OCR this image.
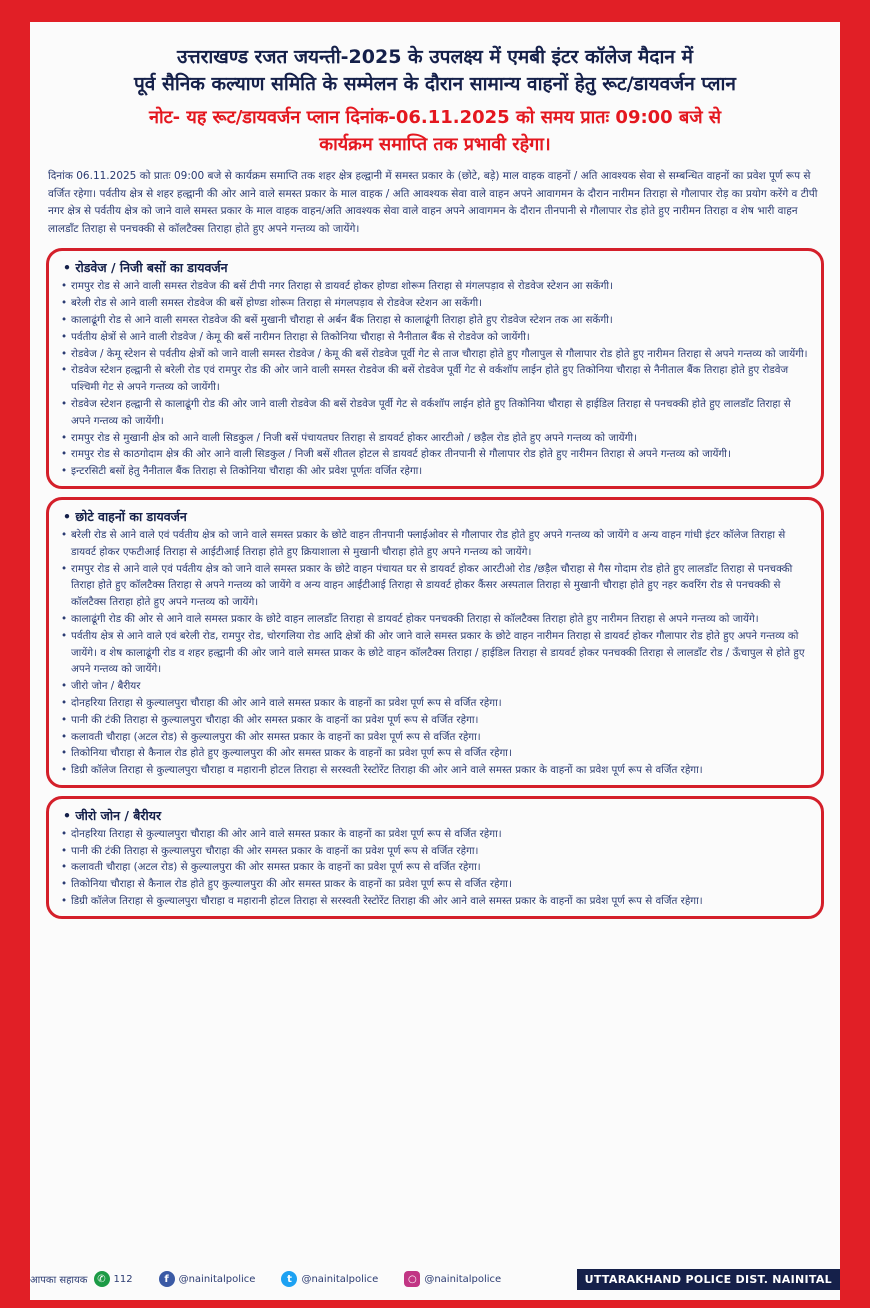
उत्तराखण्ड रजत जयन्ती-2025 के उपलक्ष्य में एमबी इंटर कॉलेज मैदान में
पूर्व सैनिक कल्याण समिति के सम्मेलन के दौरान सामान्य वाहनों हेतु रूट/डायवर्जन प्लान
नोट- यह रूट/डायवर्जन प्लान दिनांक-06.11.2025 को समय प्रातः 09:00 बजे से
कार्यक्रम समाप्ति तक प्रभावी रहेगा।
दिनांक 06.11.2025 को प्रातः 09:00 बजे से कार्यक्रम समाप्ति तक शहर क्षेत्र हल्द्वानी में समस्त प्रकार के (छोटे, बड़े) माल वाहक वाहनों / अति आवश्यक सेवा से सम्बन्धित वाहनों का प्रवेश पूर्ण रूप से वर्जित रहेगा। पर्वतीय क्षेत्र से शहर हल्द्वानी की ओर आने वाले समस्त प्रकार के माल वाहक / अति आवश्यक सेवा वाले वाहन अपने आवागमन के दौरान नारीमन तिराहा से गौलापार रोड़ का प्रयोग करेंगे व टीपी नगर क्षेत्र से पर्वतीय क्षेत्र को जाने वाले समस्त प्रकार के माल वाहक वाहन/अति आवश्यक सेवा वाले वाहन अपने आवागमन के दौरान तीनपानी से गौलापार रोड होते हुए नारीमन तिराहा व शेष भारी वाहन लालडाँट तिराहा से पनचक्की से कॉलटैक्स तिराहा होते हुए अपने गन्तव्य को जायेंगे।
• रोडवेज / निजी बसों का डायवर्जन
• रामपुर रोड से आने वाली समस्त रोडवेज की बसें टीपी नगर तिराहा से डायवर्ट होकर होण्डा शोरूम तिराहा से मंगलपड़ाव से रोडवेज स्टेशन आ सकेंगी।
• बरेली रोड से आने वाली समस्त रोडवेज की बसें होण्डा शोरूम तिराहा से मंगलपड़ाव से रोडवेज स्टेशन आ सकेंगी।
• कालाढूंगी रोड से आने वाली समस्त रोडवेज की बसें मुखानी चौराहा से अर्बन बैंक तिराहा से कालाढूंगी तिराहा होते हुए रोडवेज स्टेशन तक आ सकेंगी।
• पर्वतीय क्षेत्रों से आने वाली रोडवेज / केमू की बसें नारीमन तिराहा से तिकोनिया चौराहा से नैनीताल बैंक से रोडवेज को जायेंगी।
• रोडवेज / केमू स्टेशन से पर्वतीय क्षेत्रों को जाने वाली समस्त रोडवेज / केमू की बसें रोडवेज पूर्वी गेट से ताज चौराहा होते हुए गौलापुल से गौलापार रोड होते हुए नारीमन तिराहा से अपने गन्तव्य को जायेंगी।
• रोडवेज स्टेशन हल्द्वानी से बरेली रोड एवं रामपुर रोड की ओर जाने वाली समस्त रोडवेज की बसें रोडवेज पूर्वी गेट से वर्कशॉप लाईन होते हुए तिकोनिया चौराहा से नैनीताल बैंक तिराहा होते हुए रोडवेज पश्चिमी गेट से अपने गन्तव्य को जायेंगी।
• रोडवेज स्टेशन हल्द्वानी से कालाढूंगी रोड की ओर जाने वाली रोडवेज की बसें रोडवेज पूर्वी गेट से वर्कशॉप लाईन होते हुए तिकोनिया चौराहा से हाईडिल तिराहा से पनचक्की होते हुए लालडाँट तिराहा से अपने गन्तव्य को जायेंगी।
• रामपुर रोड से मुखानी क्षेत्र को आने वाली सिडकुल / निजी बसें पंचायतघर तिराहा से डायवर्ट होकर आरटीओ / छड़ैल रोड होते हुए अपने गन्तव्य को जायेंगी।
• रामपुर रोड से काठगोदाम क्षेत्र की ओर आने वाली सिडकुल / निजी बसें शीतल होटल से डायवर्ट होकर तीनपानी से गौलापार रोड होते हुए नारीमन तिराहा से अपने गन्तव्य को जायेंगी।
• इन्टरसिटी बसों हेतु नैनीताल बैंक तिराहा से तिकोनिया चौराहा की ओर प्रवेश पूर्णतः वर्जित रहेगा।
• छोटे वाहनों का डायवर्जन
• बरेली रोड से आने वाले एवं पर्वतीय क्षेत्र को जाने वाले समस्त प्रकार के छोटे वाहन तीनपानी फ्लाईओवर से गौलापार रोड होते हुए अपने गन्तव्य को जायेंगे व अन्य वाहन गांधी इंटर कॉलेज तिराहा से डायवर्ट होकर एफटीआई तिराहा से आईटीआई तिराहा होते हुए क्रियाशाला से मुखानी चौराहा होते हुए अपने गन्तव्य को जायेंगे।
• रामपुर रोड से आने वाले एवं पर्वतीय क्षेत्र को जाने वाले समस्त प्रकार के छोटे वाहन पंचायत घर से डायवर्ट होकर आरटीओ रोड /छड़ैल चौराहा से गैस गोदाम रोड होते हुए लालडाँट तिराहा से पनचक्की तिराहा होते हुए कॉलटैक्स तिराहा से अपने गन्तव्य को जायेंगे व अन्य वाहन आईटीआई तिराहा से डायवर्ट होकर कैंसर अस्पताल तिराहा से मुखानी चौराहा होते हुए नहर कवरिंग रोड से पनचक्की से कॉलटैक्स तिराहा होते हुए अपने गन्तव्य को जायेंगे।
• कालाढूंगी रोड की ओर से आने वाले समस्त प्रकार के छोटे वाहन लालडाँट तिराहा से डायवर्ट होकर पनचक्की तिराहा से कॉलटैक्स तिराहा होते हुए नारीमन तिराहा से अपने गन्तव्य को जायेंगे।
• पर्वतीय क्षेत्र से आने वाले एवं बरेली रोड, रामपुर रोड, चोरगलिया रोड आदि क्षेत्रों की ओर जाने वाले समस्त प्रकार के छोटे वाहन नारीमन तिराहा से डायवर्ट होकर गौलापार रोड होते हुए अपने गन्तव्य को जायेंगे। व शेष कालाढूंगी रोड व शहर हल्द्वानी की ओर जाने वाले समस्त प्राकर के छोटे वाहन कॉलटैक्स तिराहा / हाईडिल तिराहा से डायवर्ट होकर पनचक्की तिराहा से लालडाँट रोड / ऊँचापुल से होते हुए अपने गन्तव्य को जायेंगे।
• जीरो जोन / बैरीयर
• दोनहरिया तिराहा से कुल्यालपुरा चौराहा की ओर आने वाले समस्त प्रकार के वाहनों का प्रवेश पूर्ण रूप से वर्जित रहेगा।
• पानी की टंकी तिराहा से कुल्यालपुरा चौराहा की ओर समस्त प्रकार के वाहनों का प्रवेश पूर्ण रूप से वर्जित रहेगा।
• कलावती चौराहा (अटल रोड) से कुल्यालपुरा की ओर समस्त प्रकार के वाहनों का प्रवेश पूर्ण रूप से वर्जित रहेगा।
• तिकोनिया चौराहा से कैनाल रोड होते हुए कुल्यालपुरा की ओर समस्त प्राकर के वाहनों का प्रवेश पूर्ण रूप से वर्जित रहेगा।
• डिग्री कॉलेज तिराहा से कुल्यालपुरा चौराहा व महारानी होटल तिराहा से सरस्वती रेस्टोरेंट तिराहा की ओर आने वाले समस्त प्रकार के वाहनों का प्रवेश पूर्ण रूप से वर्जित रहेगा।
• जीरो जोन / बैरीयर
• दोनहरिया तिराहा से कुल्यालपुरा चौराहा की ओर आने वाले समस्त प्रकार के वाहनों का प्रवेश पूर्ण रूप से वर्जित रहेगा।
• पानी की टंकी तिराहा से कुल्यालपुरा चौराहा की ओर समस्त प्रकार के वाहनों का प्रवेश पूर्ण रूप से वर्जित रहेगा।
• कलावती चौराहा (अटल रोड) से कुल्यालपुरा की ओर समस्त प्रकार के वाहनों का प्रवेश पूर्ण रूप से वर्जित रहेगा।
• तिकोनिया चौराहा से कैनाल रोड होते हुए कुल्यालपुरा की ओर समस्त प्राकर के वाहनों का प्रवेश पूर्ण रूप से वर्जित रहेगा।
• डिग्री कॉलेज तिराहा से कुल्यालपुरा चौराहा व महारानी होटल तिराहा से सरस्वती रेस्टोरेंट तिराहा की ओर आने वाले समस्त प्रकार के वाहनों का प्रवेश पूर्ण रूप से वर्जित रहेगा।
आपका सहायक ✆ 112	f @nainitalpolice	t @nainitalpolice	○ @nainitalpolice	UTTARAKHAND POLICE DIST. NAINITAL
